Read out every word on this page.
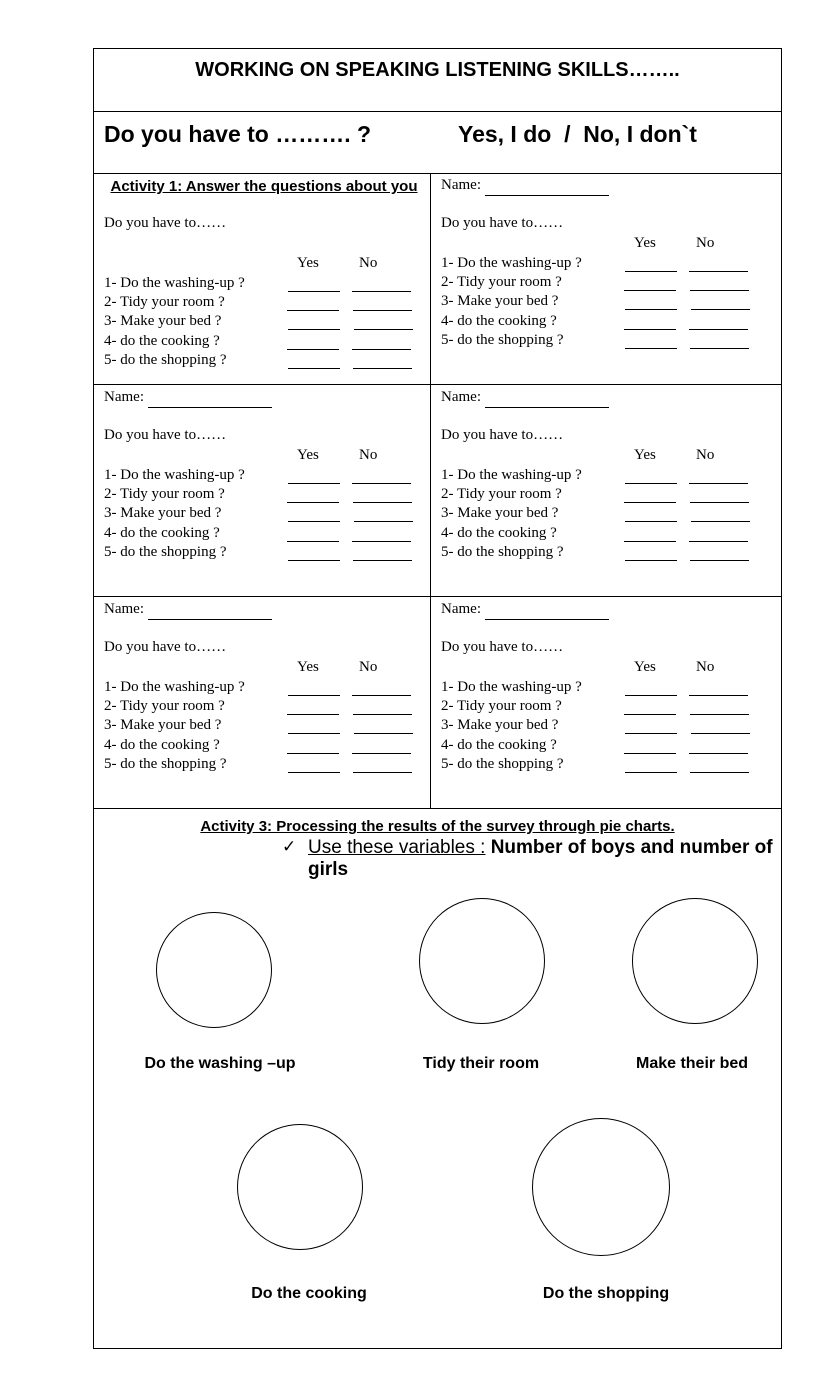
WORKING ON SPEAKING LISTENING SKILLS……..
Do you have to ………. ?	Yes, I do  /  No, I don`t
Activity 1: Answer the questions about you
Do you have to……
Yes	No
1- Do the washing-up ?
2- Tidy your room ?
3- Make your bed ?
4- do the cooking ?
5- do the shopping ?
Name:
Do you have to……
Yes	No
1- Do the washing-up ?
2- Tidy your room ?
3- Make your bed ?
4- do the cooking ?
5- do the shopping ?
Name:
Do you have to……
Yes	No
1- Do the washing-up ?
2- Tidy your room ?
3- Make your bed ?
4- do the cooking ?
5- do the shopping ?
Name:
Do you have to……
Yes	No
1- Do the washing-up ?
2- Tidy your room ?
3- Make your bed ?
4- do the cooking ?
5- do the shopping ?
Name:
Do you have to……
Yes	No
1- Do the washing-up ?
2- Tidy your room ?
3- Make your bed ?
4- do the cooking ?
5- do the shopping ?
Name:
Do you have to……
Yes	No
1- Do the washing-up ?
2- Tidy your room ?
3- Make your bed ?
4- do the cooking ?
5- do the shopping ?
Activity 3: Processing the results of the survey through pie charts.
✓ Use these variables : Number of boys and number of girls
Do the washing –up	Tidy their room	Make their bed
Do the cooking	Do the shopping
